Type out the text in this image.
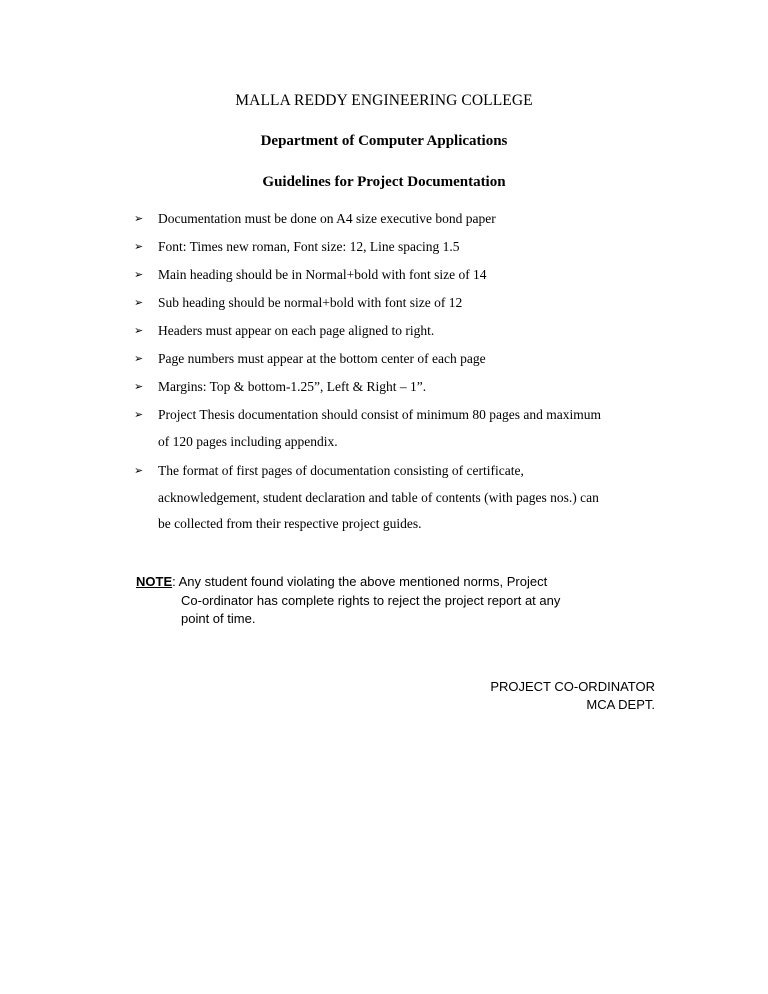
MALLA REDDY ENGINEERING COLLEGE
Department of Computer Applications
Guidelines for Project Documentation
➢	Documentation must be done on A4 size executive bond paper
➢	Font: Times new roman, Font size: 12, Line spacing 1.5
➢	Main heading should be in Normal+bold with font size of 14
➢	Sub heading should be normal+bold with font size of 12
➢	Headers must appear on each page aligned to right.
➢	Page numbers must appear at the bottom center of each page
➢	Margins: Top & bottom-1.25”, Left & Right – 1”.
➢	Project Thesis documentation should consist of minimum 80 pages and maximum
of 120 pages including appendix.
➢	The format of first pages of documentation consisting of certificate,
acknowledgement, student declaration and table of contents (with pages nos.) can
be collected from their respective project guides.
NOTE: Any student found violating the above mentioned norms, Project
Co-ordinator has complete rights to reject the project report at any
point of time.
PROJECT CO-ORDINATOR
MCA DEPT.
